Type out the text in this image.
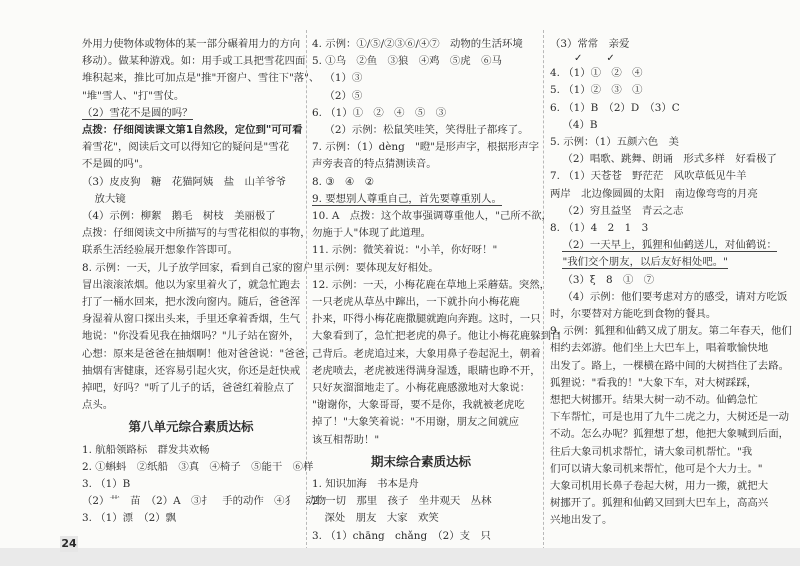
外用力使物体或物体的某一部分碾着用力的方向
移动）。做某种游戏。如：用手或工具把雪花四面
堆积起来，推比可加点是"推"开窗户、雪往下"落"、
"堆"雪人、"打"雪仗。
（2）雪花不是圆的吗？
点拨：仔细阅读课文第1自然段，定位到"可可看
着雪花"，阅读后文可以得知它的疑问是"雪花
不是圆的吗"。
（3）皮皮狗　糖　花猫阿姨　盐　山羊爷爷
放大镜
（4）示例：柳絮　鹅毛　树枝　美丽极了
点拨：仔细阅读文中所描写的与雪花相似的事物，
联系生活经验展开想象作答即可。
8. 示例：一天，儿子放学回家，看到自己家的窗户里
冒出滚滚浓烟。他以为家里着火了，就急忙跑去
打了一桶水回来，把水泼向窗内。随后，爸爸浑
身湿着从窗口探出头来，手里还拿着香烟，生气
地说："你没看见我在抽烟吗？"儿子站在窗外，
心想：原来是爸爸在抽烟啊！他对爸爸说："爸爸，
抽烟有害健康，还容易引起火灾，你还是赶快戒
掉吧，好吗？"听了儿子的话，爸爸红着脸点了
点头。
第八单元综合素质达标
1. 航船领路标　群发共欢畅
2. ①蝌蚪　②纸船　③真　④椅子　⑤能干　⑥样
3. （1）B
（2）⺾　苗　（2）A　③扌　手的动作　④犭　动物
3. （1）漂　（2）飘
4. 示例：①/⑤/②③⑥/④⑦　动物的生活环境
5. ①乌　②鱼　③狼　④鸡　⑤虎　⑥马
（1）③
（2）⑤
6. （1）①　②　④　⑤　③
（2）示例：松鼠笑哇笑，笑得肚子都疼了。
7. 示例：（1）dèng　"瞪"是形声字，根据形声字
声旁表音的特点猜测读音。
8. ③　④　②
9. 要想别人尊重自己，首先要尊重别人。
10. A　点拨：这个故事强调尊重他人，"己所不欲，
勿施于人"体现了此道理。
11. 示例：微笑着说："小羊，你好呀！"
示例：要体现友好相处。
12. 示例：一天，小梅花鹿在草地上采蘑菇。突然，
一只老虎从草丛中蹿出，一下就扑向小梅花鹿
扑来，吓得小梅花鹿撒腿就跑向奔跑。这时，一只
大象看到了，急忙把老虎的鼻子。他让小梅花鹿躲到自
己背后。老虎追过来，大象用鼻子卷起泥土，朝着
老虎喷去，老虎被迷得满身湿透，眼睛也睁不开，
只好灰溜溜地走了。小梅花鹿感激地对大象说：
"谢谢你，大象哥哥，要不是你，我就被老虎吃
掉了！"大象笑着说："不用谢，朋友之间就应
该互相帮助！"
期末综合素质达标
1. 知识加海　书本是舟
2. 一切　那里　孩子　坐井观天　丛林
深处　朋友　大家　欢笑
3. （1）chāng　chǎng　（2）支　只
（3）常常　亲爱
✓✓
4. （1）①　②　④
5. （1）②　③　①
6. （1）B　（2）D　（3）C
（4）B
5. 示例：（1）五颜六色　美
（2）唱歌、跳舞、朗诵　形式多样　好看极了
7. （1）天苍苍　野茫茫　风吹草低见牛羊
两岸　北边像圆圆的太阳　南边像弯弯的月亮
（2）穷且益坚　青云之志
8. （1）4　2　1　3
（2）一天早上，狐狸和仙鹤送儿，对仙鹤说：
"我们交个朋友，以后友好相处吧。"
（3）ξ　8　①　⑦
（4）示例：他们要考虑对方的感受，请对方吃饭
时，尔要替对方能吃到食物的餐具。
9. 示例：狐狸和仙鹤又成了朋友。第二年春天，他们
相约去郊游。他们坐上大巴车上，唱着歌愉快地
出发了。路上，一棵横在路中间的大树挡住了去路。
狐狸说："看我的！"大象下车，对大树踩踩，
想把大树挪开。结果大树一动不动。仙鹤急忙
下车帮忙，可是也用了九牛二虎之力，大树还是一动
不动。怎么办呢？狐狸想了想，他把大象喊到后面，
往后大象司机求帮忙，请大象司机帮忙。"我
们可以请大象司机来帮忙，他可是个大力士。"
大象司机用长鼻子卷起大树，用力一搬，就把大
树挪开了。狐狸和仙鹤又回到大巴车上，高高兴
兴地出发了。
24
